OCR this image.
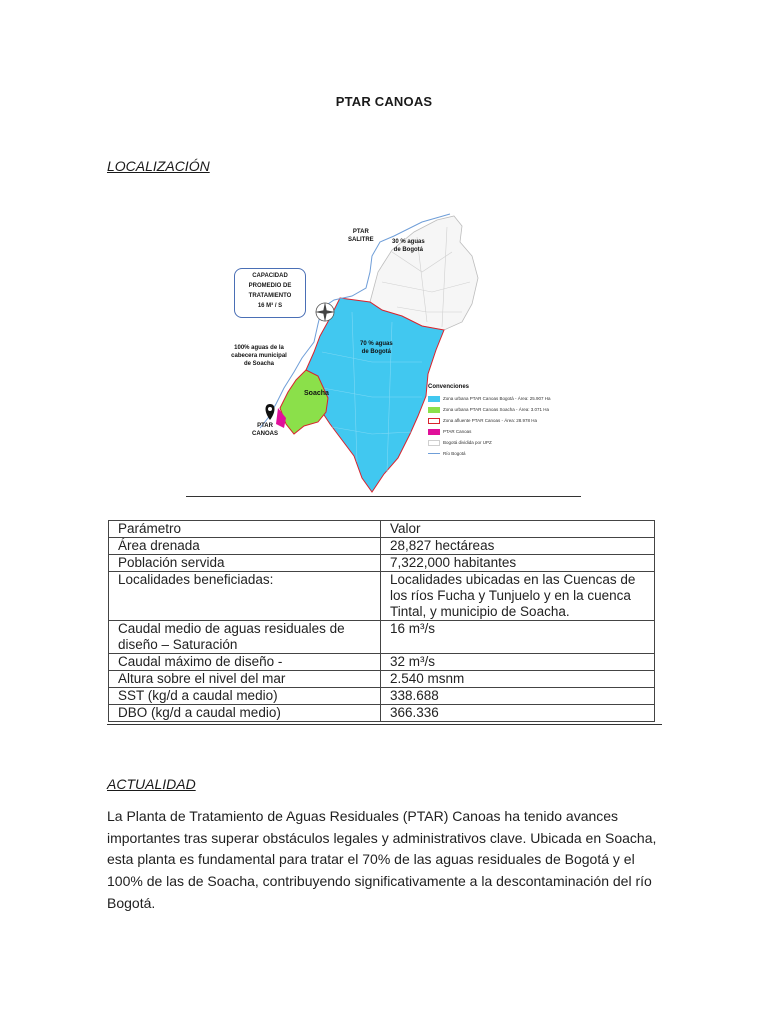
PTAR CANOAS
LOCALIZACIÓN
PTAR
SALITRE	30 % aguas
de Bogotá
CAPACIDAD
PROMEDIO DE
TRATAMIENTO
16 M³ / S
100% aguas de la
cabecera municipal
de Soacha
70 % aguas
de Bogotá
Soacha
PTAR
CANOAS
Convenciones
Zona urbana PTAR Canoas Bogotá - Área: 25.907 Ha
Zona urbana PTAR Canoas Soacha - Área: 3.071 Ha
Zona afluente PTAR Canoas - Área: 28.978 Ha
PTAR Canoas
Bogotá dividida por UPZ
Río Bogotá
Parámetro	Valor
Área drenada	28,827 hectáreas
Población servida	7,322,000 habitantes
Localidades beneficiadas:	Localidades ubicadas en las Cuencas de los ríos Fucha y Tunjuelo y en la cuenca Tintal, y municipio de Soacha.
Caudal medio de aguas residuales de diseño – Saturación	16 m³/s
Caudal máximo de diseño -	32 m³/s
Altura sobre el nivel del mar	2.540 msnm
SST (kg/d a caudal medio)	338.688
DBO (kg/d a caudal medio)	366.336
ACTUALIDAD
La Planta de Tratamiento de Aguas Residuales (PTAR) Canoas ha tenido avances importantes tras superar obstáculos legales y administrativos clave. Ubicada en Soacha, esta planta es fundamental para tratar el 70% de las aguas residuales de Bogotá y el 100% de las de Soacha, contribuyendo significativamente a la descontaminación del río Bogotá.
